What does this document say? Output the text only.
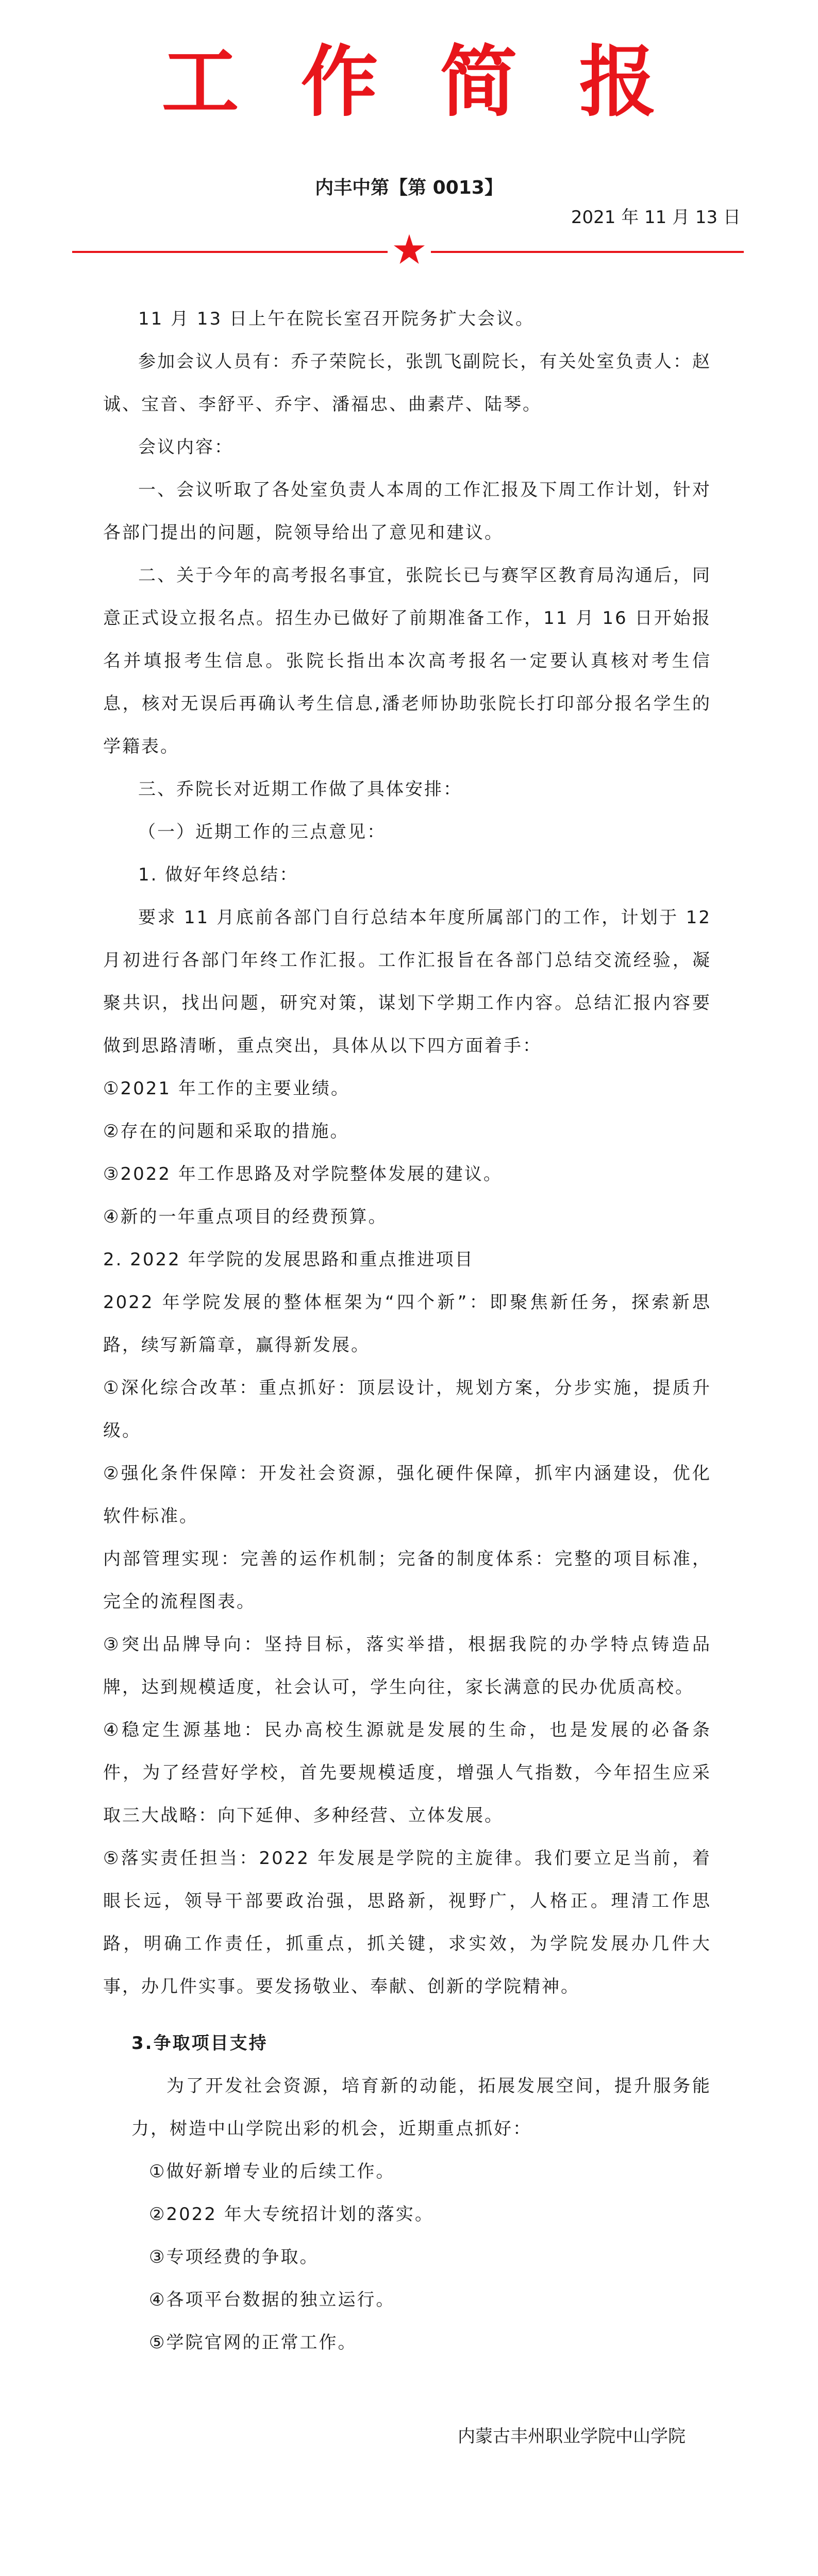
工作简报
内丰中第【第 0013】
2021 年 11 月 13 日

11 月 13 日上午在院长室召开院务扩大会议。

参加会议人员有：乔子荣院长，张凯飞副院长，有关处室负责人：赵诚、宝音、李舒平、乔宇、潘福忠、曲素芹、陆琴。

会议内容：

一、会议听取了各处室负责人本周的工作汇报及下周工作计划，针对各部门提出的问题，院领导给出了意见和建议。

二、关于今年的高考报名事宜，张院长已与赛罕区教育局沟通后，同意正式设立报名点。招生办已做好了前期准备工作，11 月 16 日开始报名并填报考生信息。张院长指出本次高考报名一定要认真核对考生信息，核对无误后再确认考生信息,潘老师协助张院长打印部分报名学生的学籍表。

三、乔院长对近期工作做了具体安排：

（一）近期工作的三点意见：

1. 做好年终总结：

要求 11 月底前各部门自行总结本年度所属部门的工作，计划于 12 月初进行各部门年终工作汇报。工作汇报旨在各部门总结交流经验，凝聚共识，找出问题，研究对策，谋划下学期工作内容。总结汇报内容要做到思路清晰，重点突出，具体从以下四方面着手：

①2021 年工作的主要业绩。

②存在的问题和采取的措施。

③2022 年工作思路及对学院整体发展的建议。

④新的一年重点项目的经费预算。

2. 2022 年学院的发展思路和重点推进项目

2022 年学院发展的整体框架为“四个新”：即聚焦新任务，探索新思路，续写新篇章，赢得新发展。

①深化综合改革：重点抓好：顶层设计，规划方案，分步实施，提质升级。

②强化条件保障：开发社会资源，强化硬件保障，抓牢内涵建设，优化软件标准。

内部管理实现：完善的运作机制；完备的制度体系：完整的项目标准，完全的流程图表。

③突出品牌导向：坚持目标，落实举措，根据我院的办学特点铸造品牌，达到规模适度，社会认可，学生向往，家长满意的民办优质高校。

④稳定生源基地：民办高校生源就是发展的生命，也是发展的必备条件，为了经营好学校，首先要规模适度，增强人气指数，今年招生应采取三大战略：向下延伸、多种经营、立体发展。

⑤落实责任担当：2022 年发展是学院的主旋律。我们要立足当前，着眼长远，领导干部要政治强，思路新，视野广，人格正。理清工作思路，明确工作责任，抓重点，抓关键，求实效，为学院发展办几件大事，办几件实事。要发扬敬业、奉献、创新的学院精神。

3.争取项目支持

为了开发社会资源，培育新的动能，拓展发展空间，提升服务能力，树造中山学院出彩的机会，近期重点抓好：

①做好新增专业的后续工作。

②2022 年大专统招计划的落实。

③专项经费的争取。

④各项平台数据的独立运行。

⑤学院官网的正常工作。

内蒙古丰州职业学院中山学院
